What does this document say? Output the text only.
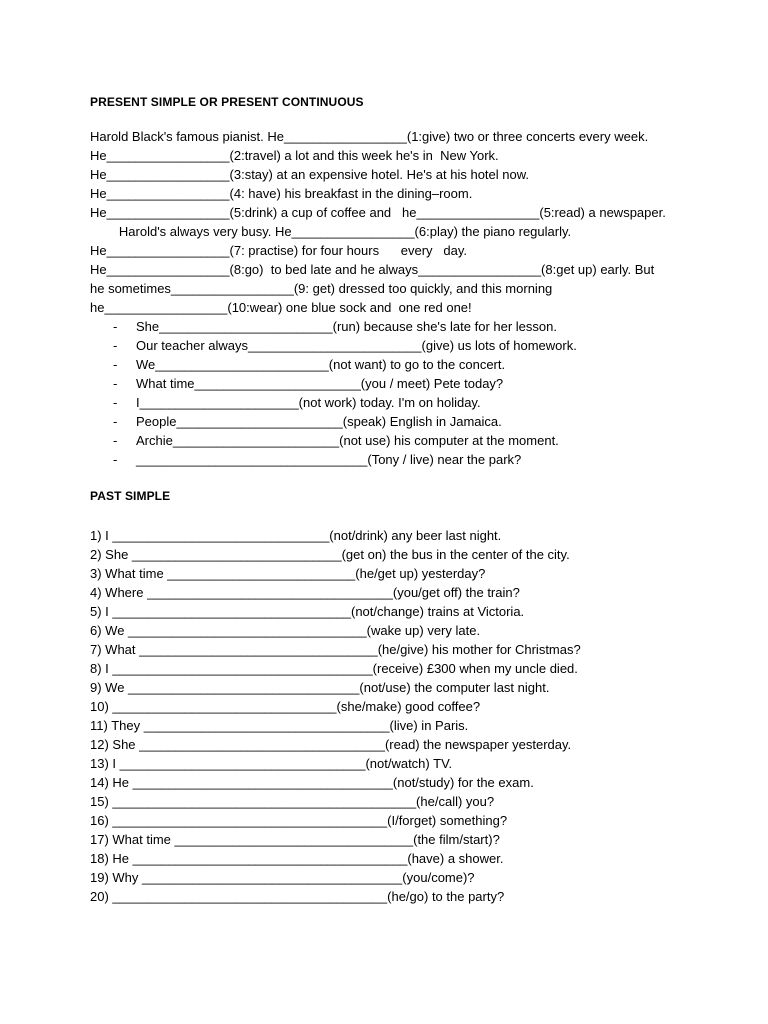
PRESENT SIMPLE OR PRESENT CONTINUOUS
Harold Black's famous pianist. He_________________(1:give) two or three concerts every week.
He_________________(2:travel) a lot and this week he's in  New York.
He_________________(3:stay) at an expensive hotel. He's at his hotel now.
He_________________(4: have) his breakfast in the dining–room.
He_________________(5:drink) a cup of coffee and   he_________________(5:read) a newspaper.
Harold's always very busy. He_________________(6:play) the piano regularly.
He_________________(7: practise) for four hours      every   day.
He_________________(8:go)  to bed late and he always_________________(8:get up) early. But
he sometimes_________________(9: get) dressed too quickly, and this morning
he_________________(10:wear) one blue sock and  one red one!
- She________________________(run) because she's late for her lesson.
- Our teacher always________________________(give) us lots of homework.
- We________________________(not want) to go to the concert.
- What time_______________________(you / meet) Pete today?
- I______________________(not work) today. I'm on holiday.
- People_______________________(speak) English in Jamaica.
- Archie_______________________(not use) his computer at the moment.
- ________________________________(Tony / live) near the park?
PAST SIMPLE
1) I ______________________________(not/drink) any beer last night.
2) She _____________________________(get on) the bus in the center of the city.
3) What time __________________________(he/get up) yesterday?
4) Where __________________________________(you/get off) the train?
5) I _________________________________(not/change) trains at Victoria.
6) We _________________________________(wake up) very late.
7) What _________________________________(he/give) his mother for Christmas?
8) I ____________________________________(receive) £300 when my uncle died.
9) We ________________________________(not/use) the computer last night.
10) _______________________________(she/make) good coffee?
11) They __________________________________(live) in Paris.
12) She __________________________________(read) the newspaper yesterday.
13) I __________________________________(not/watch) TV.
14) He ____________________________________(not/study) for the exam.
15) __________________________________________(he/call) you?
16) ______________________________________(I/forget) something?
17) What time _________________________________(the film/start)?
18) He ______________________________________(have) a shower.
19) Why ____________________________________(you/come)?
20) ______________________________________(he/go) to the party?
